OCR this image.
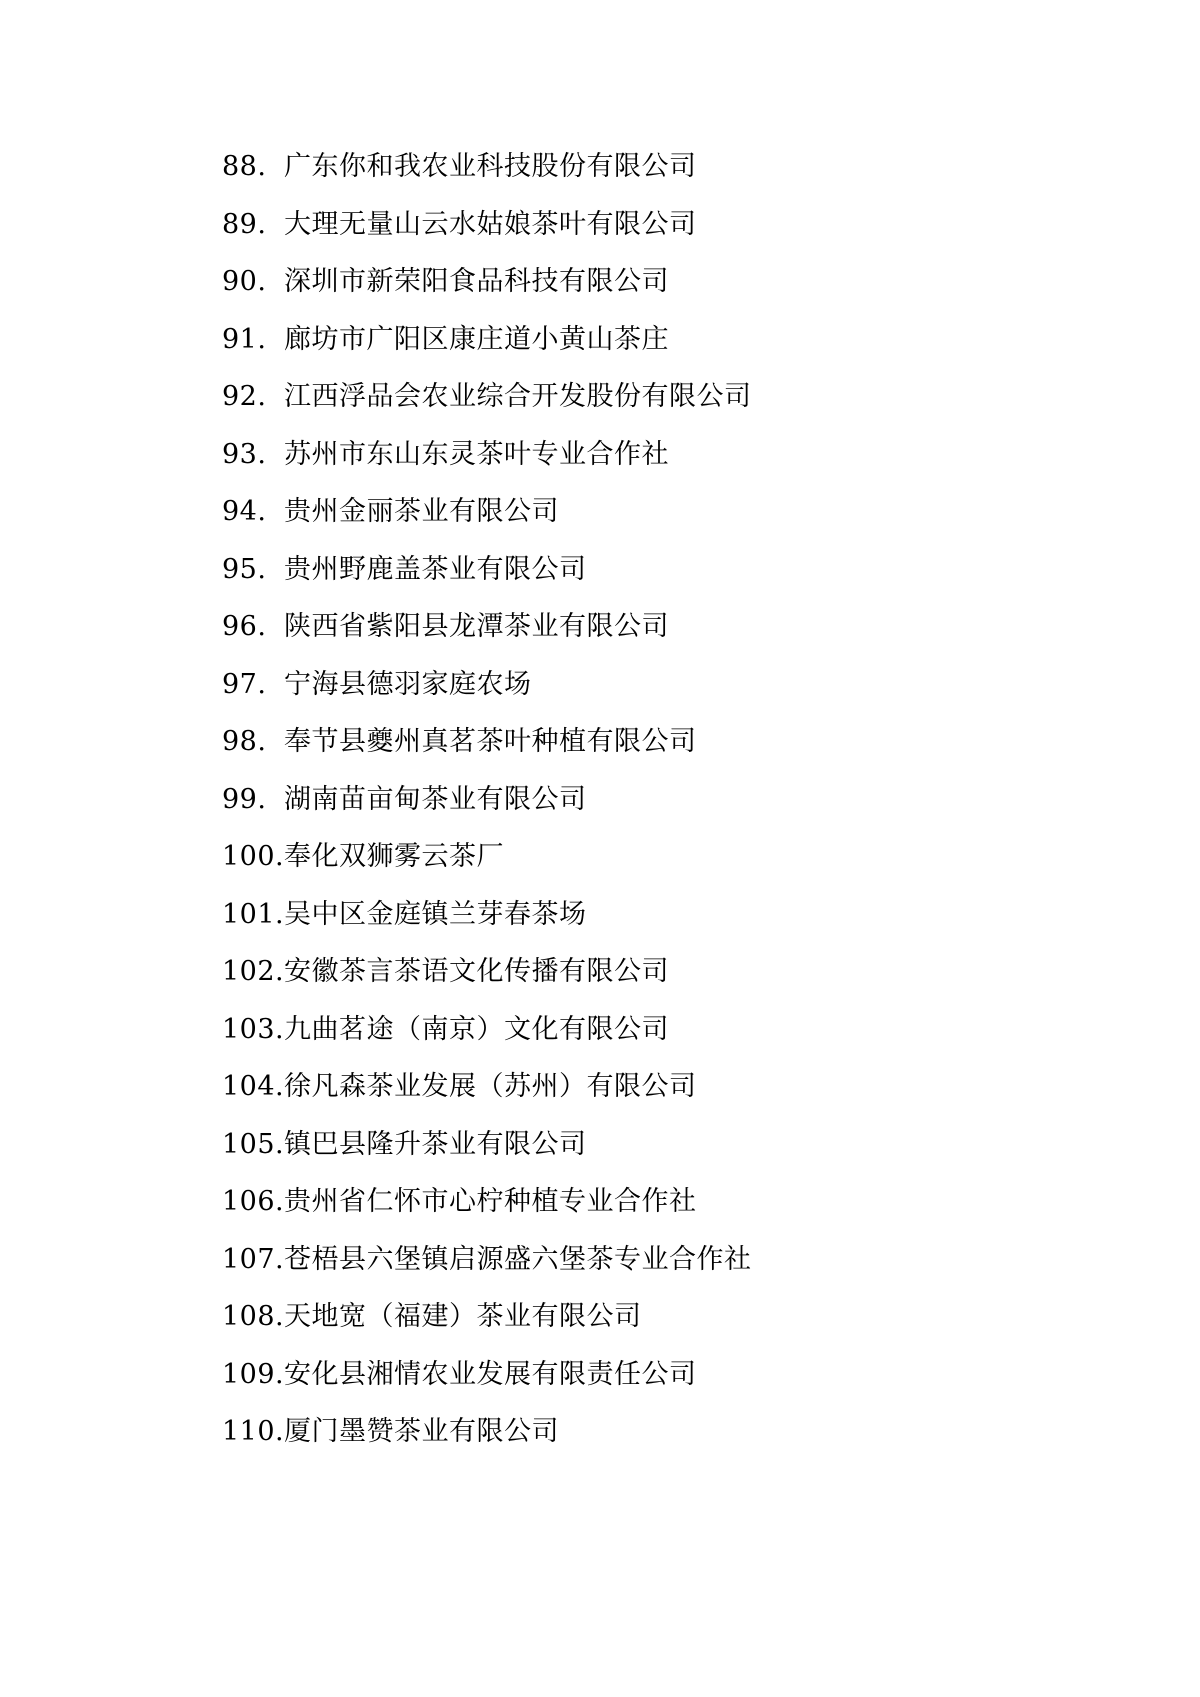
88. 广东你和我农业科技股份有限公司
89. 大理无量山云水姑娘茶叶有限公司
90. 深圳市新荣阳食品科技有限公司
91. 廊坊市广阳区康庄道小黄山茶庄
92. 江西浮品会农业综合开发股份有限公司
93. 苏州市东山东灵茶叶专业合作社
94. 贵州金丽茶业有限公司
95. 贵州野鹿盖茶业有限公司
96. 陕西省紫阳县龙潭茶业有限公司
97. 宁海县德羽家庭农场
98. 奉节县夔州真茗茶叶种植有限公司
99. 湖南苗亩甸茶业有限公司
100. 奉化双狮雾云茶厂
101. 吴中区金庭镇兰芽春茶场
102. 安徽茶言茶语文化传播有限公司
103. 九曲茗途（南京）文化有限公司
104. 徐凡森茶业发展（苏州）有限公司
105. 镇巴县隆升茶业有限公司
106. 贵州省仁怀市心柠种植专业合作社
107. 苍梧县六堡镇启源盛六堡茶专业合作社
108. 天地宽（福建）茶业有限公司
109. 安化县湘情农业发展有限责任公司
110. 厦门墨赞茶业有限公司
